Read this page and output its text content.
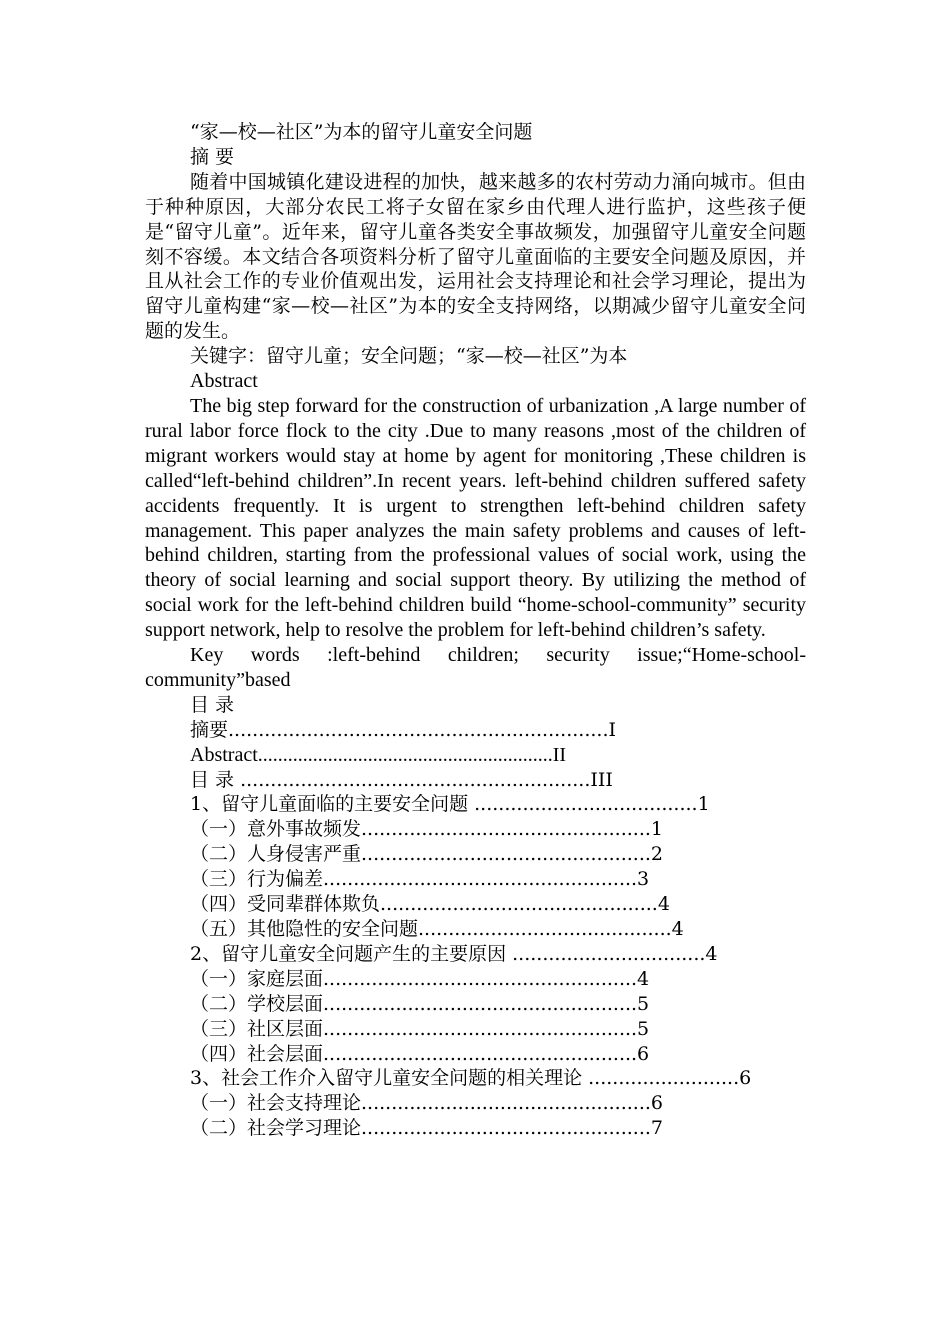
“家—校—社区”为本的留守儿童安全问题
摘 要

随着中国城镇化建设进程的加快，越来越多的农村劳动力涌向城市。但由于种种原因，大部分农民工将子女留在家乡由代理人进行监护，这些孩子便是“留守儿童”。近年来，留守儿童各类安全事故频发，加强留守儿童安全问题刻不容缓。本文结合各项资料分析了留守儿童面临的主要安全问题及原因，并且从社会工作的专业价值观出发，运用社会支持理论和社会学习理论，提出为留守儿童构建“家—校—社区”为本的安全支持网络，以期减少留守儿童安全问题的发生。

关键字：留守儿童；安全问题；“家—校—社区”为本
Abstract

The big step forward for the construction of urbanization ,A large number of rural labor force flock to the city .Due to many reasons ,most of the children of migrant workers would stay at home by agent for monitoring ,These children is called“left-behind children”.In recent years. left-behind children suffered safety accidents frequently. It is urgent to strengthen left-behind children safety management. This paper analyzes the main safety problems and causes of left-behind children, starting from the professional values of social work, using the theory of social learning and social support theory. By utilizing the method of social work for the left-behind children build “home-school-community” security support network, help to resolve the problem for left-behind children’s safety.

Key words :left-behind children; security issue;“Home-school-community”based

目 录
摘要...............................................................I
Abstract...........................................................II
目 录 ..........................................................III
1、留守儿童面临的主要安全问题 .....................................1
（一）意外事故频发................................................1
（二）人身侵害严重................................................2
（三）行为偏差....................................................3
（四）受同辈群体欺负..............................................4
（五）其他隐性的安全问题..........................................4
2、留守儿童安全问题产生的主要原因 ................................4
（一）家庭层面....................................................4
（二）学校层面....................................................5
（三）社区层面....................................................5
（四）社会层面....................................................6
3、社会工作介入留守儿童安全问题的相关理论 .........................6
（一）社会支持理论................................................6
（二）社会学习理论................................................7
